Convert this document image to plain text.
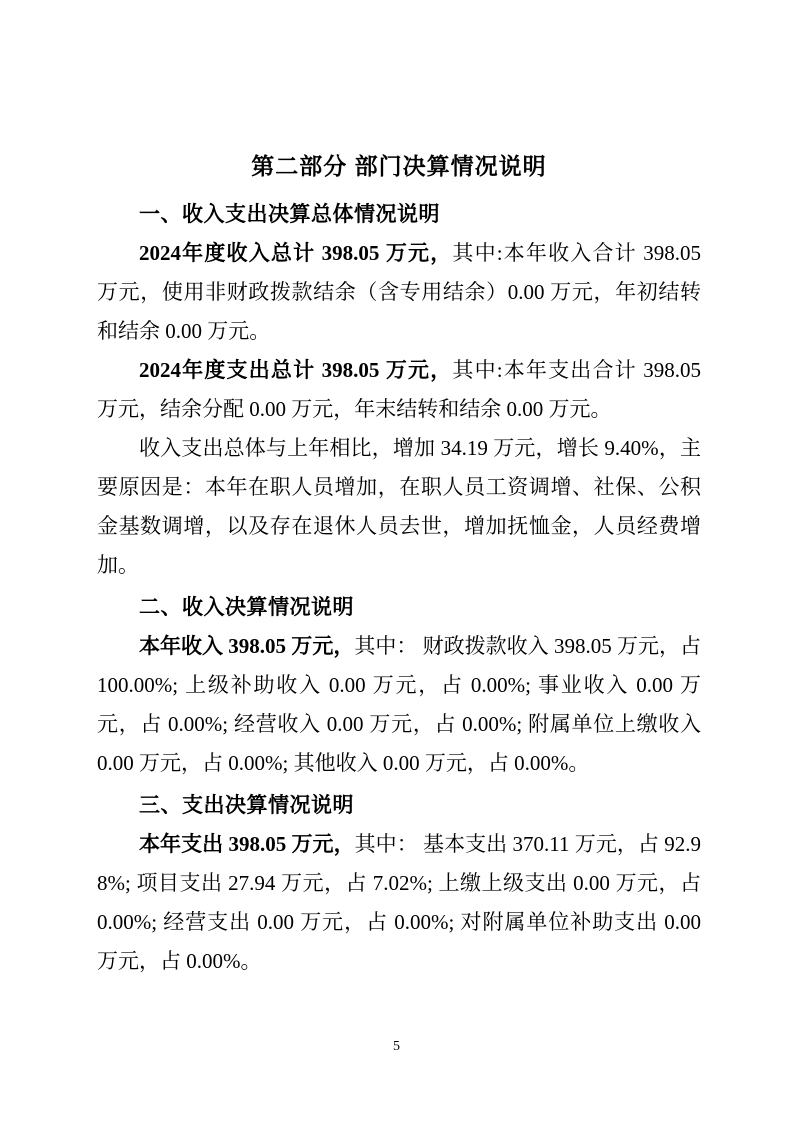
第二部分 部门决算情况说明
一、收入支出决算总体情况说明

2024年度收入总计 398.05 万元，其中:本年收入合计 398.05 万元，使用非财政拨款结余（含专用结余）0.00 万元，年初结转和结余 0.00 万元。

2024年度支出总计 398.05 万元，其中:本年支出合计 398.05 万元，结余分配 0.00 万元，年末结转和结余 0.00 万元。

收入支出总体与上年相比，增加 34.19 万元，增长 9.40%，主要原因是：本年在职人员增加，在职人员工资调增、社保、公积金基数调增，以及存在退休人员去世，增加抚恤金，人员经费增加。

二、收入决算情况说明

本年收入 398.05 万元，其中： 财政拨款收入 398.05 万元，占 100.00%; 上级补助收入 0.00 万元，占 0.00%; 事业收入 0.00 万元，占 0.00%; 经营收入 0.00 万元，占 0.00%; 附属单位上缴收入 0.00 万元，占 0.00%; 其他收入 0.00 万元，占 0.00%。

三、支出决算情况说明

本年支出 398.05 万元，其中： 基本支出 370.11 万元，占 92.98%; 项目支出 27.94 万元，占 7.02%; 上缴上级支出 0.00 万元，占 0.00%; 经营支出 0.00 万元，占 0.00%; 对附属单位补助支出 0.00 万元，占 0.00%。

5
